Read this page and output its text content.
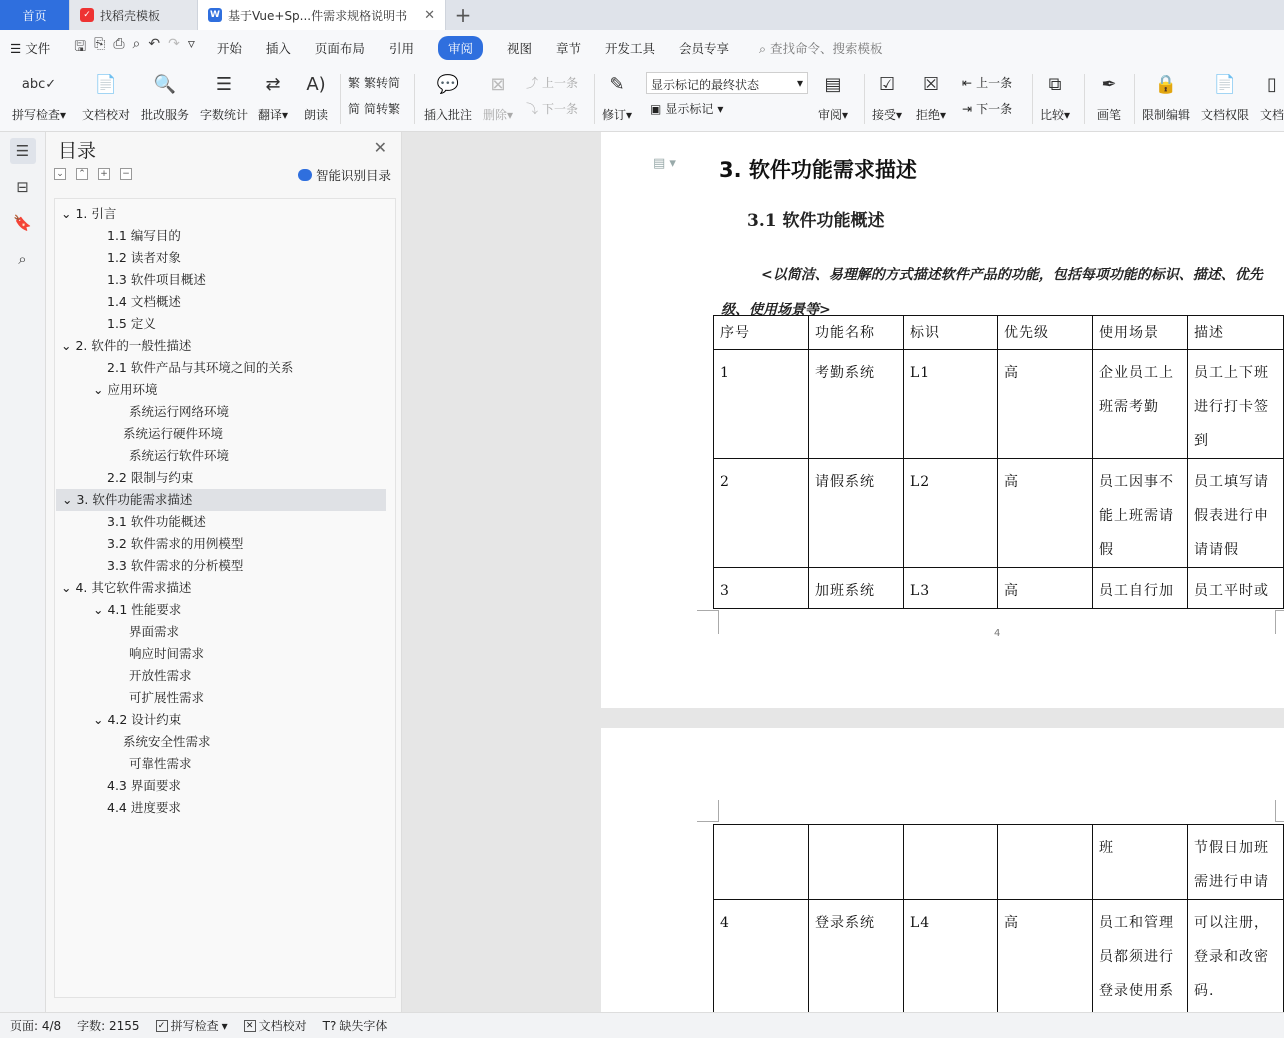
首页	✓ 找稻壳模板	W 基于Vue+Sp...件需求规格说明书 ✕ +
☰ 文件 🖫 ⎘ ⎙ ⌕ ↶ ↷ ▿ 开始 插入 页面布局 引用	审阅	视图 章节 开发工具 会员专享 ⌕ 查找命令、搜索模板
abc✓
拼写检查▾
📄
文档校对
🔍
批改服务
☰
字数统计
⇄
翻译▾
A)
朗读
繁 繁转简
简 简转繁
💬
插入批注
⊠
删除▾
⤴ 上一条
⤵ 下一条
✎
修订▾
显示标记的最终状态	▾
▣ 显示标记 ▾
▤
审阅▾
☑
接受▾
☒
拒绝▾
⇤ 上一条
⇥ 下一条
⧉
比较▾
✒
画笔
🔒
限制编辑
📄
文档权限
▯
文档
☰
⊟
🔖
⌕
目录	✕
⌄ ⌃ + −	智能识别目录
⌄ 1. 引言
1.1 编写目的
1.2 读者对象
1.3 软件项目概述
1.4 文档概述
1.5 定义
⌄ 2. 软件的一般性描述
2.1 软件产品与其环境之间的关系
⌄ 应用环境
系统运行网络环境
系统运行硬件环境
系统运行软件环境
2.2 限制与约束
⌄ 3. 软件功能需求描述
3.1 软件功能概述
3.2 软件需求的用例模型
3.3 软件需求的分析模型
⌄ 4. 其它软件需求描述
⌄ 4.1 性能要求
界面需求
响应时间需求
开放性需求
可扩展性需求
⌄ 4.2 设计约束
系统安全性需求
可靠性需求
4.3 界面要求
4.4 进度要求
▤ ▾ 3. 软件功能需求描述
3.1 软件功能概述
<以简洁、易理解的方式描述软件产品的功能，包括每项功能的标识、描述、优先级、使用场景等>
序号	功能名称	标识	优先级	使用场景	描述
1	考勤系统	L1	高	企业员工上班需考勤	员工上下班进行打卡签到
2	请假系统	L2	高	员工因事不能上班需请假	员工填写请假表进行申请请假
3	加班系统	L3	高	员工自行加	员工平时或
4
				班	节假日加班需进行申请
4	登录系统	L4	高	员工和管理员都须进行登录使用系	可以注册，登录和改密码.
页面: 4/8 字数: 2155 ✓ 拼写检查 ▾ ✕ 文档校对 T? 缺失字体
